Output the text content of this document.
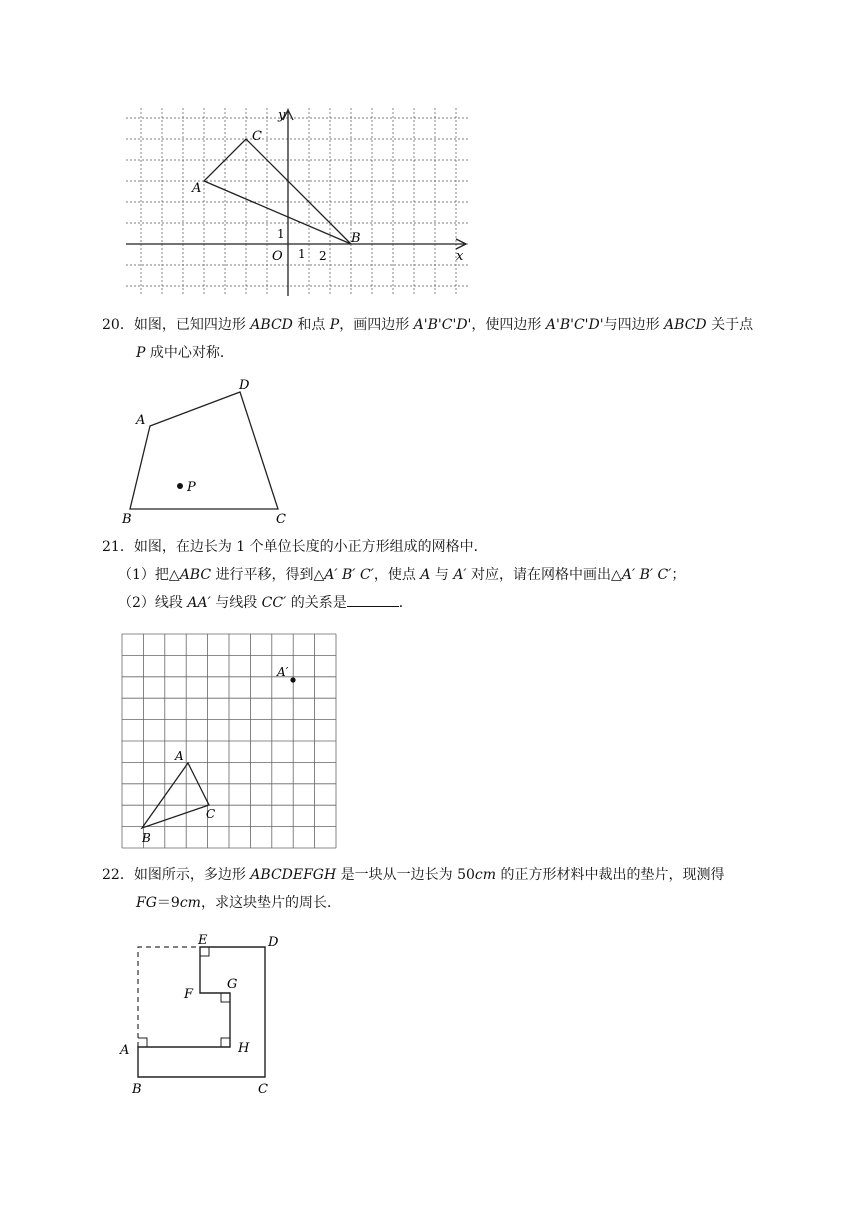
y
x
C
A
B
O
1
1 2
20．如图，已知四边形 ABCD 和点 P，画四边形 A'B'C'D'，使四边形 A'B'C'D'与四边形 ABCD 关于点
P 成中心对称．
A
D
P
B	C
21．如图，在边长为 1 个单位长度的小正方形组成的网格中．
（1）把△ABC 进行平移，得到△A′ B′ C′，使点 A 与 A′ 对应，请在网格中画出△A′ B′ C′；
（2）线段 AA′ 与线段 CC′ 的关系是	．
A′
A
C
B
22．如图所示，多边形 ABCDEFGH 是一块从一边长为 50cm 的正方形材料中裁出的垫片，现测得
FG＝9cm，求这块垫片的周长．
E	D
F
G
H
A
B	C
